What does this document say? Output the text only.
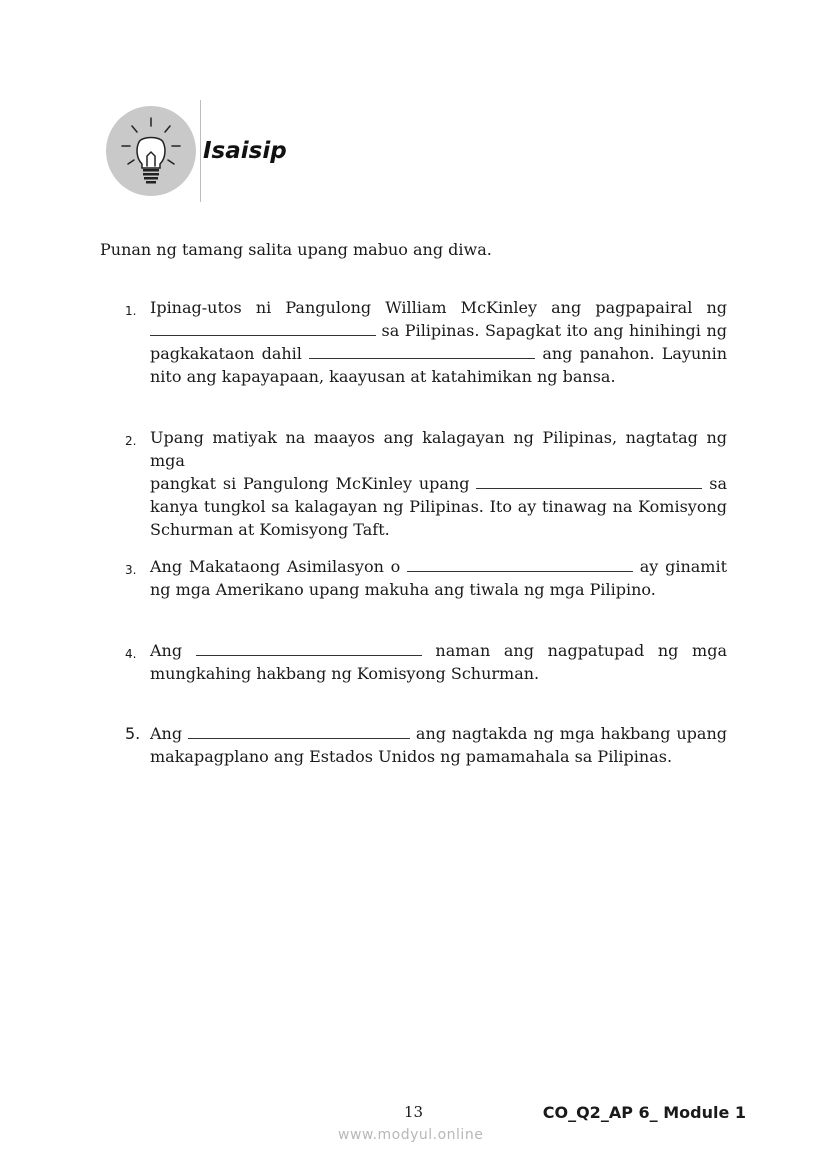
Isaisip
Punan ng tamang salita upang mabuo ang diwa.
1. Ipinag-utos ni Pangulong William McKinley ang pagpapairal ng
sa Pilipinas. Sapagkat ito ang hinihingi ng
pagkakataon dahil	ang panahon. Layunin
nito ang kapayapaan, kaayusan at katahimikan ng bansa.
2. Upang matiyak na maayos ang kalagayan ng Pilipinas, nagtatag ng mga
pangkat si Pangulong McKinley upang	sa
kanya tungkol sa kalagayan ng Pilipinas. Ito ay tinawag na Komisyong
Schurman at Komisyong Taft.
3. Ang Makataong Asimilasyon o	ay ginamit
ng mga Amerikano upang makuha ang tiwala ng mga Pilipino.
4. Ang	naman ang nagpatupad ng mga
mungkahing hakbang ng Komisyong Schurman.
5. Ang	ang nagtakda ng mga hakbang upang
makapagplano ang Estados Unidos ng pamamahala sa Pilipinas.
13	CO_Q2_AP 6_ Module 1
www.modyul.online
